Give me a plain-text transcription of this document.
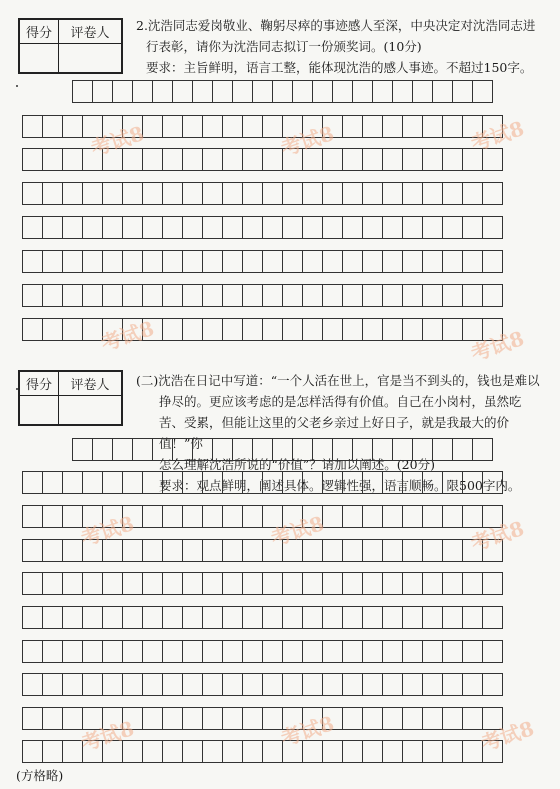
得分	评卷人

2.沈浩同志爱岗敬业、鞠躬尽瘁的事迹感人至深，中央决定对沈浩同志进

行表彰，请你为沈浩同志拟订一份颁奖词。(10分)

要求：主旨鲜明，语言工整，能体现沈浩的感人事迹。不超过150字。

得分	评卷人
	(二)沈浩在日记中写道：“一个人活在世上，官是当不到头的，钱也是难以

挣尽的。更应该考虑的是怎样活得有价值。自己在小岗村，虽然吃

苦、受累，但能让这里的父老乡亲过上好日子，就是我最大的价值！”你

怎么理解沈浩所说的“价值”？请加以阐述。(20分)

要求：观点鲜明，阐述具体。逻辑性强，语言顺畅。限500字内。

考试8	考试8	考试8
考试8	考试8
考试8	考试8	考试8
考试8	考试8	考试8
(方格略)
